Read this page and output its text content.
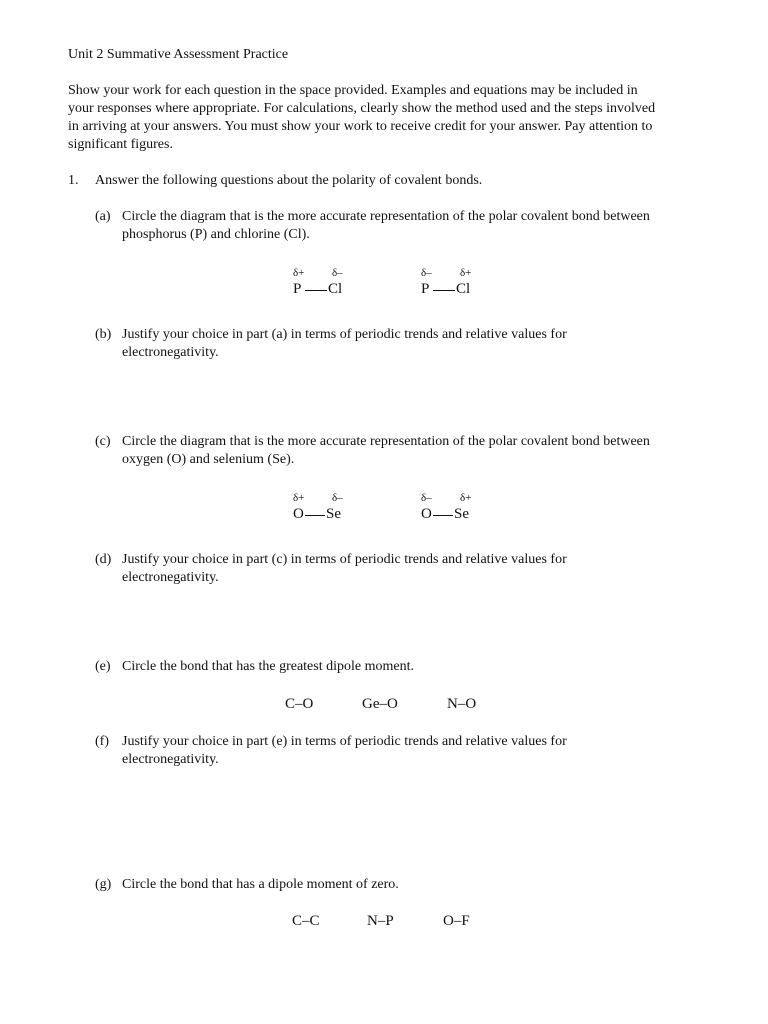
Unit 2 Summative Assessment Practice
Show your work for each question in the space provided. Examples and equations may be included in
your responses where appropriate. For calculations, clearly show the method used and the steps involved
in arriving at your answers. You must show your work to receive credit for your answer. Pay attention to
significant figures.
1. Answer the following questions about the polarity of covalent bonds.
(a) Circle the diagram that is the more accurate representation of the polar covalent bond between
phosphorus (P) and chlorine (Cl).
δ+	δ–
P Cl
δ–	δ+
P Cl
(b) Justify your choice in part (a) in terms of periodic trends and relative values for
electronegativity.
(c) Circle the diagram that is the more accurate representation of the polar covalent bond between
oxygen (O) and selenium (Se).
δ+	δ–
O Se
δ–	δ+
O Se
(d) Justify your choice in part (c) in terms of periodic trends and relative values for
electronegativity.
(e) Circle the bond that has the greatest dipole moment.
C–O	Ge–O	N–O
(f) Justify your choice in part (e) in terms of periodic trends and relative values for
electronegativity.
(g) Circle the bond that has a dipole moment of zero.
C–C	N–P	O–F
